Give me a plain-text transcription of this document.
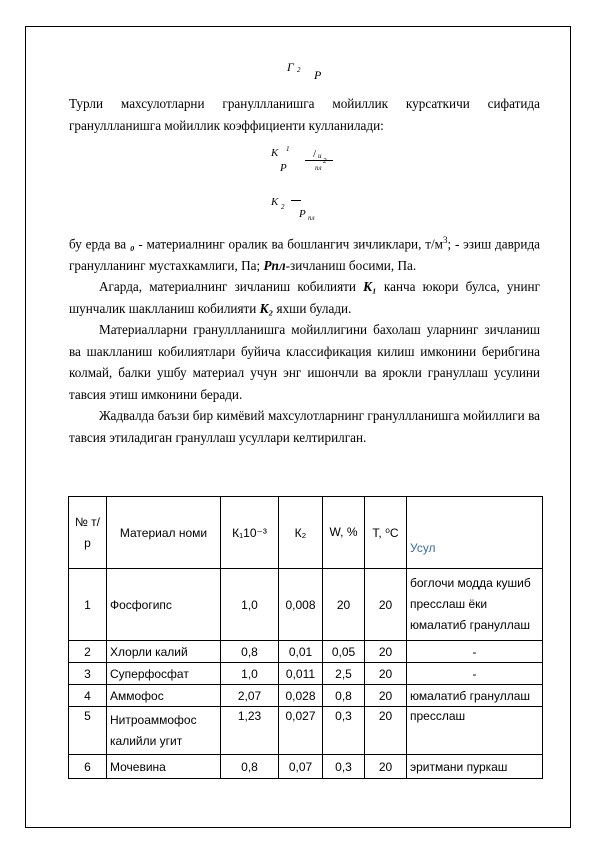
Г 2 P

Турли махсулотларни грануллланишга мойиллик курсаткичи сифатида грануллланишга мойиллик коэффициенти кулланилади:

К 1
P
/ u
пл
2
К 2
P пл

бу ерда ва ₀ - материалнинг оралик ва бошлангич зичликлари, $т/м^3$; - эзиш даврида гранулланинг мустахкамлиги, Па; Рпл-зичланиш босими, Па.

Агарда, материалнинг зичланиш кобилияти К₁ канча юкори булса, унинг шунчалик шаклланиш кобилияти К₂ яхши булади.

Материалларни грануллланишга мойиллигини бахолаш уларнинг зичланиш ва шаклланиш кобилиятлари буйича классификация килиш имконини берибгина колмай, балки ушбу материал учун энг ишончли ва ярокли грануллаш усулини тавсия этиш имконини беради.

Жадвалда баъзи бир кимёвий махсулотларнинг грануллланишга мойиллиги ва тавсия этиладиган грануллаш усуллари келтирилган.

№ т/р	Материал номи	К₁10⁻³	К₂	W, %	Т, ⁰С	Усул
1	Фосфогипс	1,0	0,008	20	20	боглочи модда кушиб пресслаш ёки юмалатиб грануллаш
2	Хлорли калий	0,8	0,01	0,05	20	-
3	Суперфосфат	1,0	0,011	2,5	20	-
4	Аммофос	2,07	0,028	0,8	20	юмалатиб грануллаш
5	Нитроаммофос калийли угит	1,23	0,027	0,3	20	пресслаш
6	Мочевина	0,8	0,07	0,3	20	эритмани пуркаш
